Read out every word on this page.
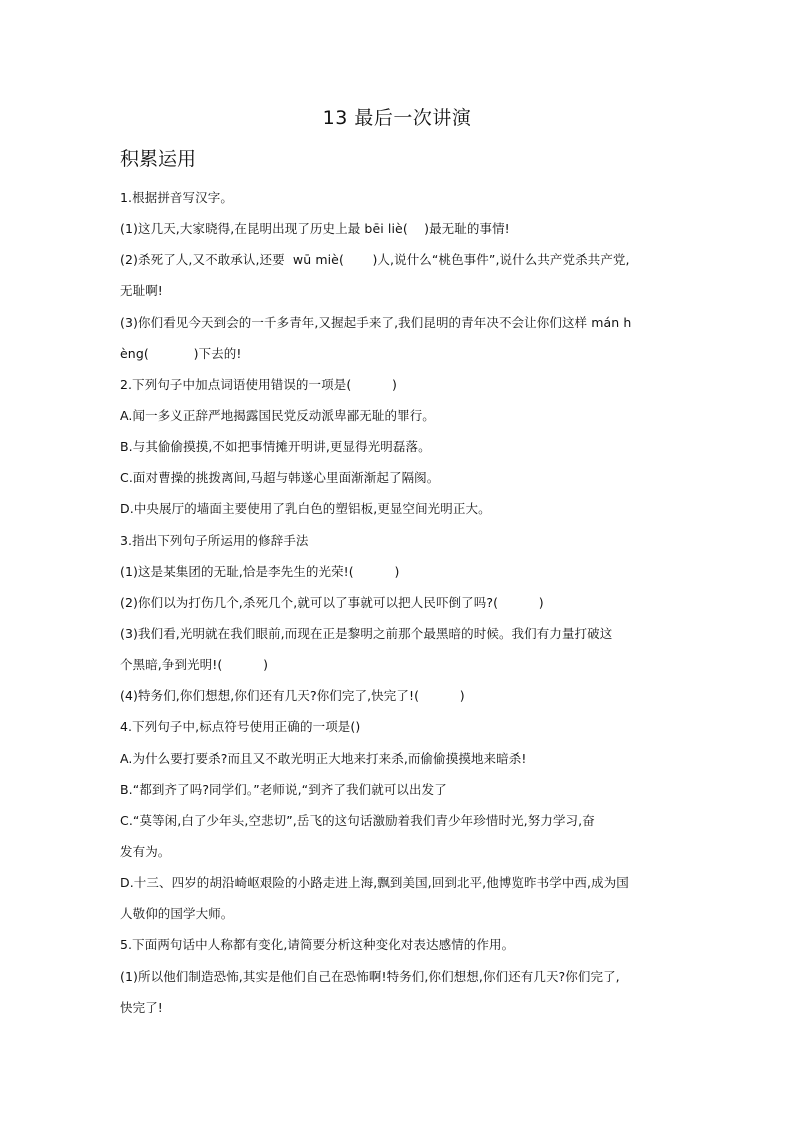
13 最后一次讲演
积累运用
1.根据拼音写汉字。
(1)这几天,大家晓得,在昆明出现了历史上最 bēi liè(    )最无耻的事情!
(2)杀死了人,又不敢承认,还要  wū miè(       )人,说什么“桃色事件”,说什么共产党杀共产党,
无耻啊!
(3)你们看见今天到会的一千多青年,又握起手来了,我们昆明的青年决不会让你们这样 mán h
èng(           )下去的!
2.下列句子中加点词语使用错误的一项是(          )
A.闻一多义正辞严地揭露国民党反动派卑鄙无耻的罪行。
B.与其偷偷摸摸,不如把事情摊开明讲,更显得光明磊落。
C.面对曹操的挑拨离间,马超与韩遂心里面渐渐起了隔阂。
D.中央展厅的墙面主要使用了乳白色的塑铝板,更显空间光明正大。
3.指出下列句子所运用的修辞手法
(1)这是某集团的无耻,恰是李先生的光荣!(          )
(2)你们以为打伤几个,杀死几个,就可以了事就可以把人民吓倒了吗?(          )
(3)我们看,光明就在我们眼前,而现在正是黎明之前那个最黑暗的时候。我们有力量打破这
个黑暗,争到光明!(          )
(4)特务们,你们想想,你们还有几天?你们完了,快完了!(          )
4.下列句子中,标点符号使用正确的一项是()
A.为什么要打要杀?而且又不敢光明正大地来打来杀,而偷偷摸摸地来暗杀!
B.“都到齐了吗?同学们。”老师说,“到齐了我们就可以出发了
C.“莫等闲,白了少年头,空悲切”,岳飞的这句话激励着我们青少年珍惜时光,努力学习,奋
发有为。
D.十三、四岁的胡沿崎岖艰险的小路走进上海,飘到美国,回到北平,他博览昨书学中西,成为国
人敬仰的国学大师。
5.下面两句话中人称都有变化,请简要分析这种变化对表达感情的作用。
(1)所以他们制造恐怖,其实是他们自己在恐怖啊!特务们,你们想想,你们还有几天?你们完了,
快完了!
